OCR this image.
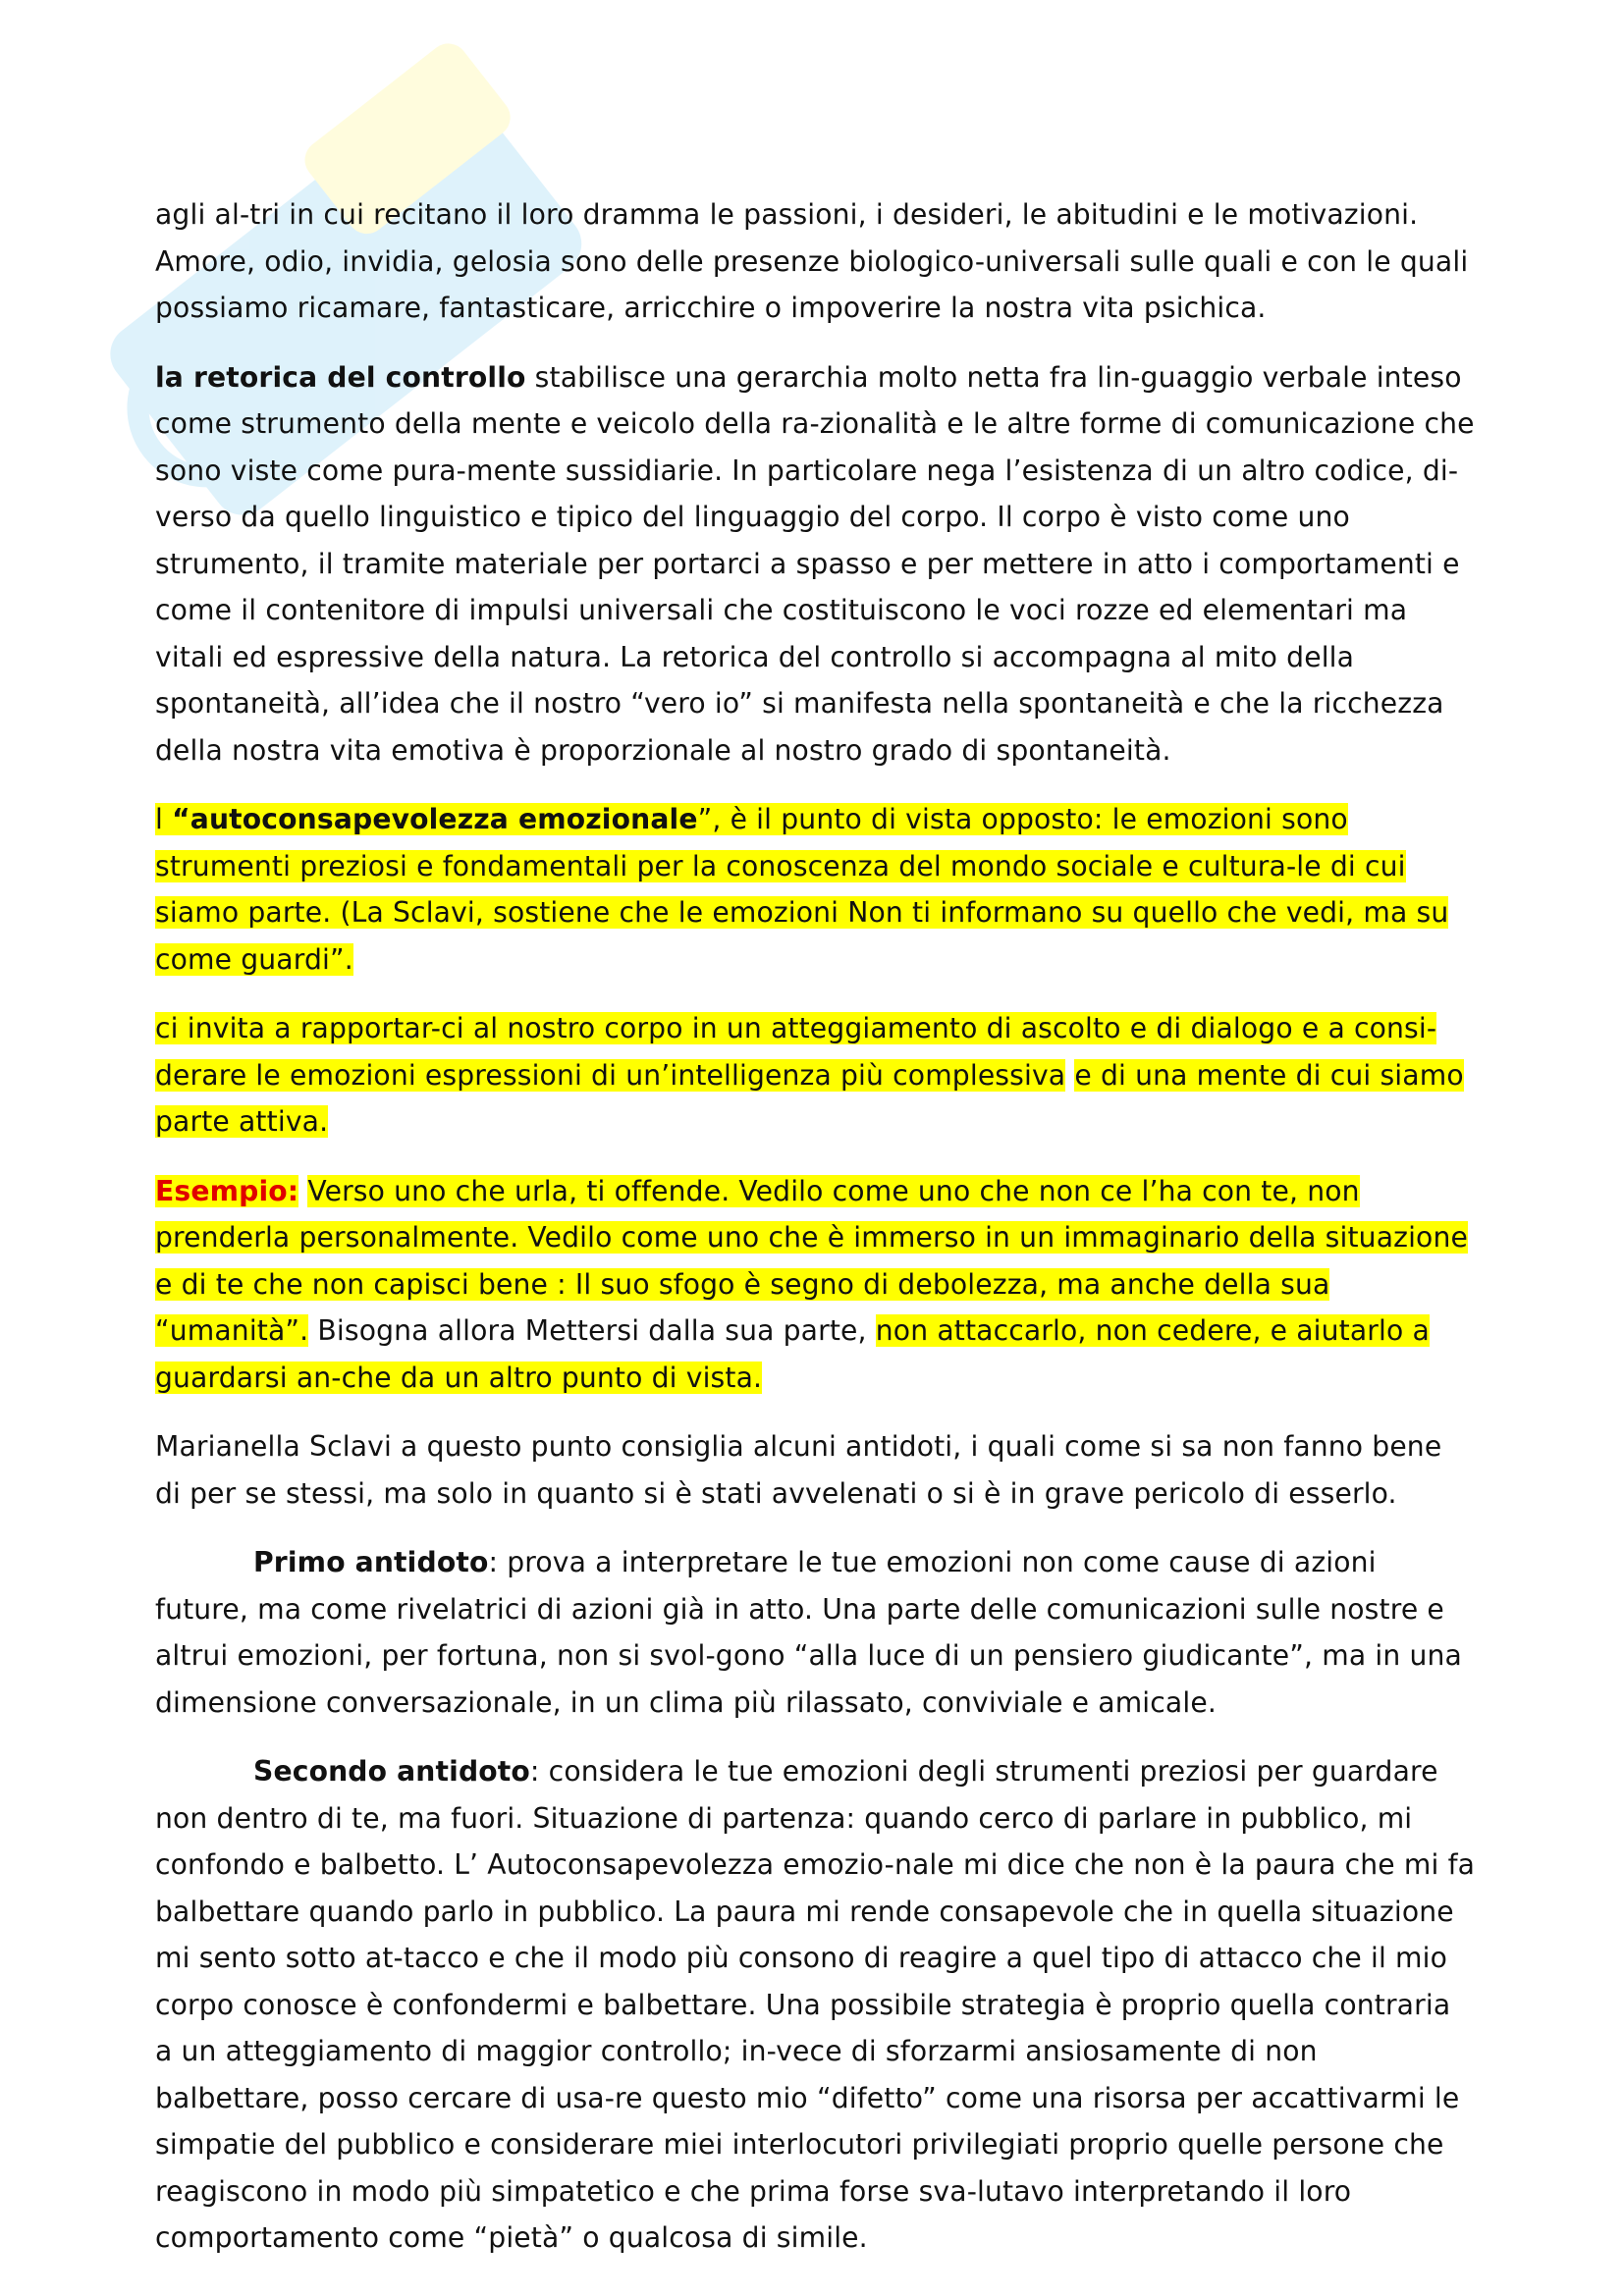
agli al-tri in cui recitano il loro dramma le passioni, i desideri, le abitudini e le motivazioni. Amore, odio, invidia, gelosia sono delle presenze biologico-universali sulle quali e con le quali possiamo ricamare, fantasticare, arricchire o impoverire la nostra vita psichica.

la retorica del controllo stabilisce una gerarchia molto netta fra lin-guaggio verbale inteso come strumento della mente e veicolo della ra-zionalità e le altre forme di comunicazione che sono viste come pura-mente sussidiarie. In particolare nega l’esistenza di un altro codice, di-verso da quello linguistico e tipico del linguaggio del corpo. Il corpo è visto come uno strumento, il tramite materiale per portarci a spasso e per mettere in atto i comportamenti e come il contenitore di impulsi universali che costituiscono le voci rozze ed elementari ma vitali ed espressive della natura. La retorica del controllo si accompagna al mito della spontaneità, all’idea che il nostro “vero io” si manifesta nella spontaneità e che la ricchezza della nostra vita emotiva è proporzionale al nostro grado di spontaneità.

l “autoconsapevolezza emozionale”, è il punto di vista opposto: le emozioni sono strumenti preziosi e fondamentali per la conoscenza del mondo sociale e cultura-le di cui siamo parte. (La Sclavi, sostiene che le emozioni Non ti informano su quello che vedi, ma su come guardi”.

ci invita a rapportar-ci al nostro corpo in un atteggiamento di ascolto e di dialogo e a consi-derare le emozioni espressioni di un’intelligenza più complessiva e di una mente di cui siamo parte attiva.

Esempio: Verso uno che urla, ti offende. Vedilo come uno che non ce l’ha con te, non prenderla personalmente. Vedilo come uno che è immerso in un immaginario della situazione e di te che non capisci bene : Il suo sfogo è segno di debolezza, ma anche della sua “umanità”. Bisogna allora Mettersi dalla sua parte, non attaccarlo, non cedere, e aiutarlo a guardarsi an-che da un altro punto di vista.

Marianella Sclavi a questo punto consiglia alcuni antidoti, i quali come si sa non fanno bene di per se stessi, ma solo in quanto si è stati avvelenati o si è in grave pericolo di esserlo.

Primo antidoto: prova a interpretare le tue emozioni non come cause di azioni future, ma come rivelatrici di azioni già in atto. Una parte delle comunicazioni sulle nostre e altrui emozioni, per fortuna, non si svol-gono “alla luce di un pensiero giudicante”, ma in una dimensione conversazionale, in un clima più rilassato, conviviale e amicale.

Secondo antidoto: considera le tue emozioni degli strumenti preziosi per guardare non dentro di te, ma fuori. Situazione di partenza: quando cerco di parlare in pubblico, mi confondo e balbetto. L’ Autoconsapevolezza emozio-nale mi dice che non è la paura che mi fa balbettare quando parlo in pubblico. La paura mi rende consapevole che in quella situazione mi sento sotto at-tacco e che il modo più consono di reagire a quel tipo di attacco che il mio corpo conosce è confondermi e balbettare. Una possibile strategia è proprio quella contraria a un atteggiamento di maggior controllo; in-vece di sforzarmi ansiosamente di non balbettare, posso cercare di usa-re questo mio “difetto” come una risorsa per accattivarmi le simpatie del pubblico e considerare miei interlocutori privilegiati proprio quelle persone che reagiscono in modo più simpatetico e che prima forse sva-lutavo interpretando il loro comportamento come “pietà” o qualcosa di simile.
